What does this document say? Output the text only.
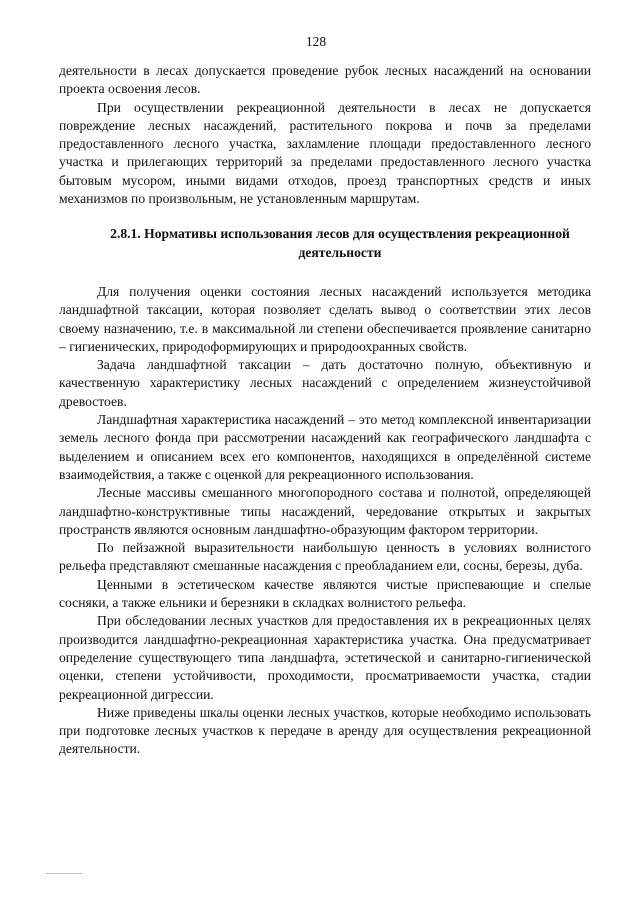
128

деятельности в лесах допускается проведение рубок лесных насаждений на основании проекта освоения лесов.

При осуществлении рекреационной деятельности в лесах не допускается повреждение лесных насаждений, растительного покрова и почв за пределами предоставленного лесного участка, захламление площади предоставленного лесного участка и прилегающих территорий за пределами предоставленного лесного участка бытовым мусором, иными видами отходов, проезд транспортных средств и иных механизмов по произвольным, не установленным маршрутам.

2.8.1. Нормативы использования лесов для осуществления рекреационной деятельности

Для получения оценки состояния лесных насаждений используется методика ландшафтной таксации, которая позволяет сделать вывод о соответствии этих лесов своему назначению, т.е. в максимальной ли степени обеспечивается проявление санитарно – гигиенических, природоформирующих и природоохранных свойств.

Задача ландшафтной таксации – дать достаточно полную, объективную и качественную характеристику лесных насаждений с определением жизнеустойчивой древостоев.

Ландшафтная характеристика насаждений – это метод комплексной инвентаризации земель лесного фонда при рассмотрении насаждений как географического ландшафта с выделением и описанием всех его компонентов, находящихся в определённой системе взаимодействия, а также с оценкой для рекреационного использования.

Лесные массивы смешанного многопородного состава и полнотой, определяющей ландшафтно-конструктивные типы насаждений, чередование открытых и закрытых пространств являются основным ландшафтно-образующим фактором территории.

По пейзажной выразительности наибольшую ценность в условиях волнистого рельефа представляют смешанные насаждения с преобладанием ели, сосны, березы, дуба.

Ценными в эстетическом качестве являются чистые приспевающие и спелые сосняки, а также ельники и березняки в складках волнистого рельефа.

При обследовании лесных участков для предоставления их в рекреационных целях производится ландшафтно-рекреационная характеристика участка. Она предусматривает определение существующего типа ландшафта, эстетической и санитарно-гигиенической оценки, степени устойчивости, проходимости, просматриваемости участка, стадии рекреационной дигрессии.

Ниже приведены шкалы оценки лесных участков, которые необходимо использовать при подготовке лесных участков к передаче в аренду для осуществления рекреационной деятельности.
